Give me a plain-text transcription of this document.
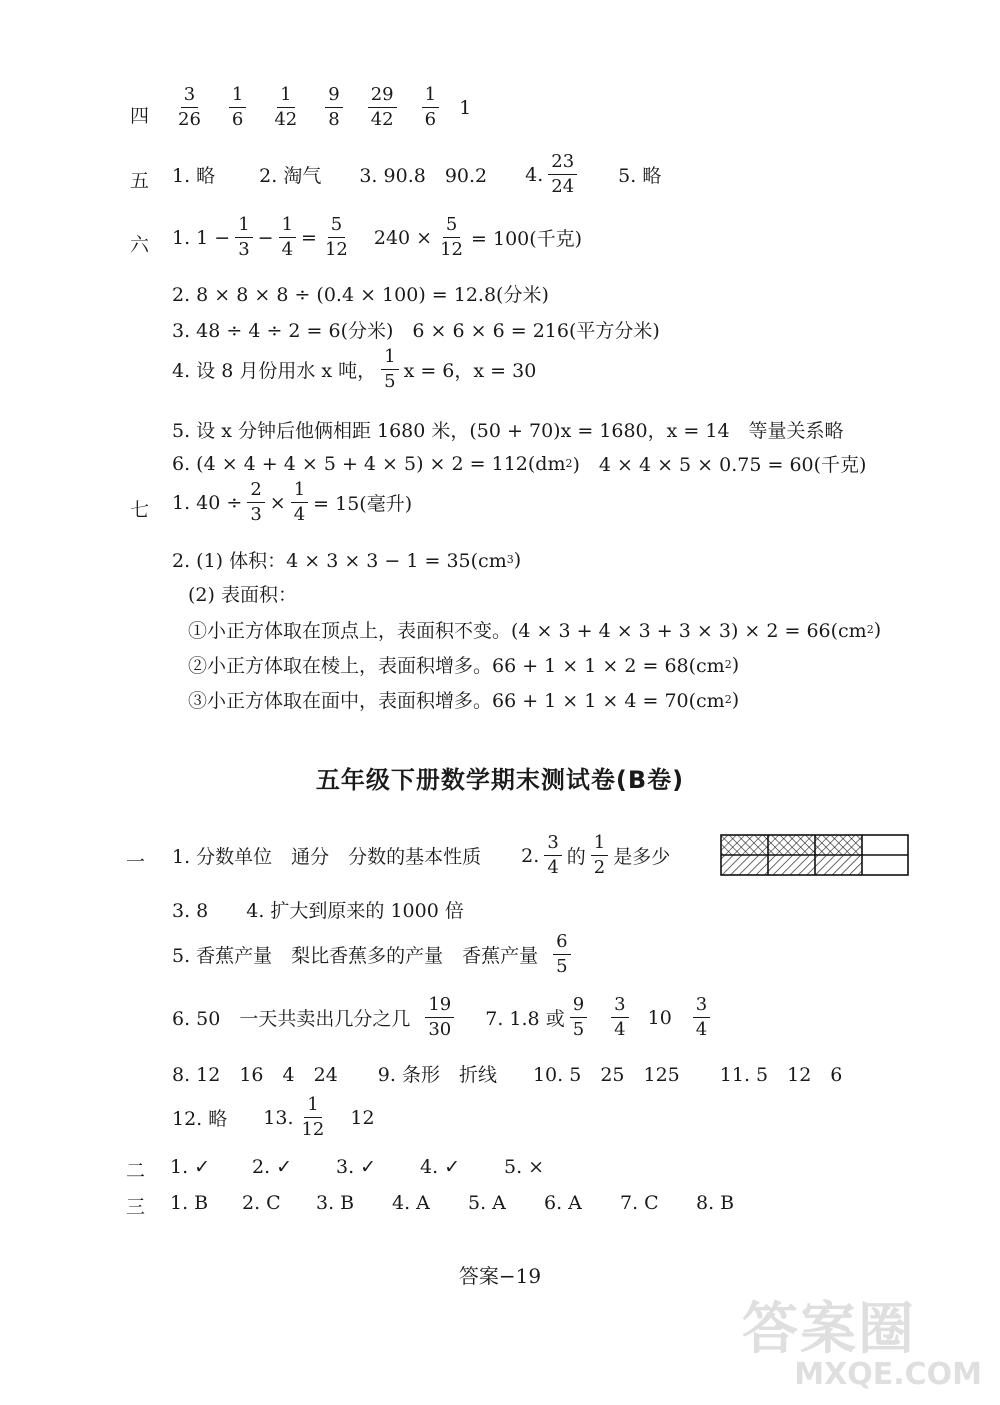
四 $\frac{3}{26} \frac{1}{6} \frac{1}{42} \frac{9}{8} \frac{29}{42} \frac{1}{6} 1$
五 1. 略 2. 淘气 3. 90.8　90.2 4. $\frac{23}{24} 5$. 略
六 1. $1 - \frac{1}{3} - \frac{1}{4} = \frac{5}{12} 240 \times \frac{5}{12} = 100$(千克)
2. 8 × 8 × 8 ÷ (0.4 × 100) = 12.8(分米)
3. 48 ÷ 4 ÷ 2 = 6(分米)　6 × 6 × 6 = 216(平方分米)
4. 设 8 月份用水 x 吨， $\frac{1}{5}$ x = 6，x = 30
5. 设 x 分钟后他俩相距 1680 米，(50 + 70)x = 1680，x = 14　等量关系略
6. (4 × 4 + 4 × 5 + 4 × 5) × 2 = 112(dm 2 )　4 × 4 × 5 × 0.75 = 60(千克)
七 1. $40 \div \frac{2}{3} \times \frac{1}{4} = 15$(毫升)
2. (1) 体积：4 × 3 × 3 − 1 = 35(cm 3 )
(2) 表面积：
①小正方体取在顶点上，表面积不变。(4 × 3 + 4 × 3 + 3 × 3) × 2 = 66(cm 2 )
②小正方体取在棱上，表面积增多。66 + 1 × 1 × 2 = 68(cm 2 )
③小正方体取在面中，表面积增多。66 + 1 × 1 × 4 = 70(cm 2 )
五年级下册数学期末测试卷(B卷)
一 1. 分数单位　通分　分数的基本性质 2. $\frac{3}{4}$ 的 $\frac{1}{2}$ 是多少
3. 8　　4. 扩大到原来的 1000 倍
5. 香蕉产量　梨比香蕉多的产量　香蕉产量 $\frac{6}{5}$
6. 50　一天共卖出几分之几 $\frac{19}{30} 7$. 1.8 或 $\frac{9}{5} \frac{3}{4} 10 \frac{3}{4}$
8. 12　16　4　24 9. 条形　折线 10. 5　25　125 11. 5　12　6
12. 略 13. $\frac{1}{12} 12$
二 1. ✓	2. ✓	3. ✓	4. ✓	5. ×
三 1. B	2. C	3. B	4. A	5. A	6. A	7. C	8. B
答案−19
答案圈
MXQE.COM
